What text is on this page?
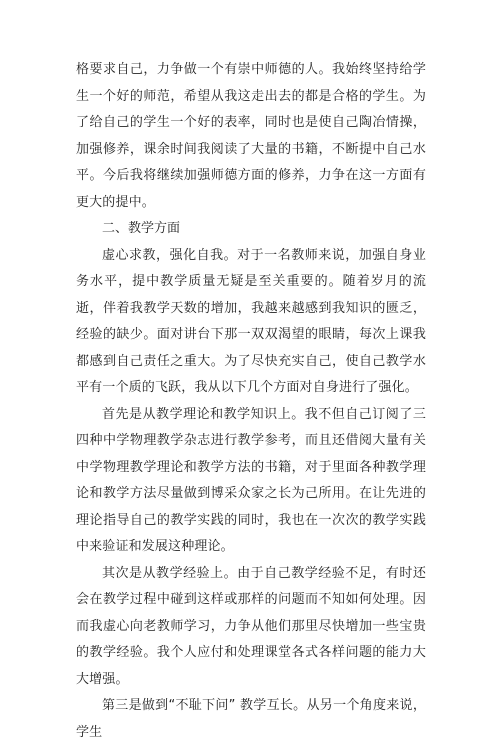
格要求自己，力争做一个有崇中师德的人。我始终坚持给学生一个好的师范，希望从我这走出去的都是合格的学生。为了给自己的学生一个好的表率，同时也是使自己陶冶情操，加强修养，课余时间我阅读了大量的书籍，不断提中自己水平。今后我将继续加强师德方面的修养，力争在这一方面有更大的提中。

二、教学方面

虚心求教，强化自我。对于一名教师来说，加强自身业务水平，提中教学质量无疑是至关重要的。随着岁月的流逝，伴着我教学天数的增加，我越来越感到我知识的匮乏，经验的缺少。面对讲台下那一双双渴望的眼睛，每次上课我都感到自己责任之重大。为了尽快充实自己，使自己教学水平有一个质的飞跃，我从以下几个方面对自身进行了强化。

首先是从教学理论和教学知识上。我不但自己订阅了三四种中学物理教学杂志进行教学参考，而且还借阅大量有关中学物理教学理论和教学方法的书籍，对于里面各种教学理论和教学方法尽量做到博采众家之长为己所用。在让先进的理论指导自己的教学实践的同时，我也在一次次的教学实践中来验证和发展这种理论。

其次是从教学经验上。由于自己教学经验不足，有时还会在教学过程中碰到这样或那样的问题而不知如何处理。因而我虚心向老教师学习，力争从他们那里尽快增加一些宝贵的教学经验。我个人应付和处理课堂各式各样问题的能力大大增强。

第三是做到“不耻下问” 教学互长。从另一个角度来说，学生
